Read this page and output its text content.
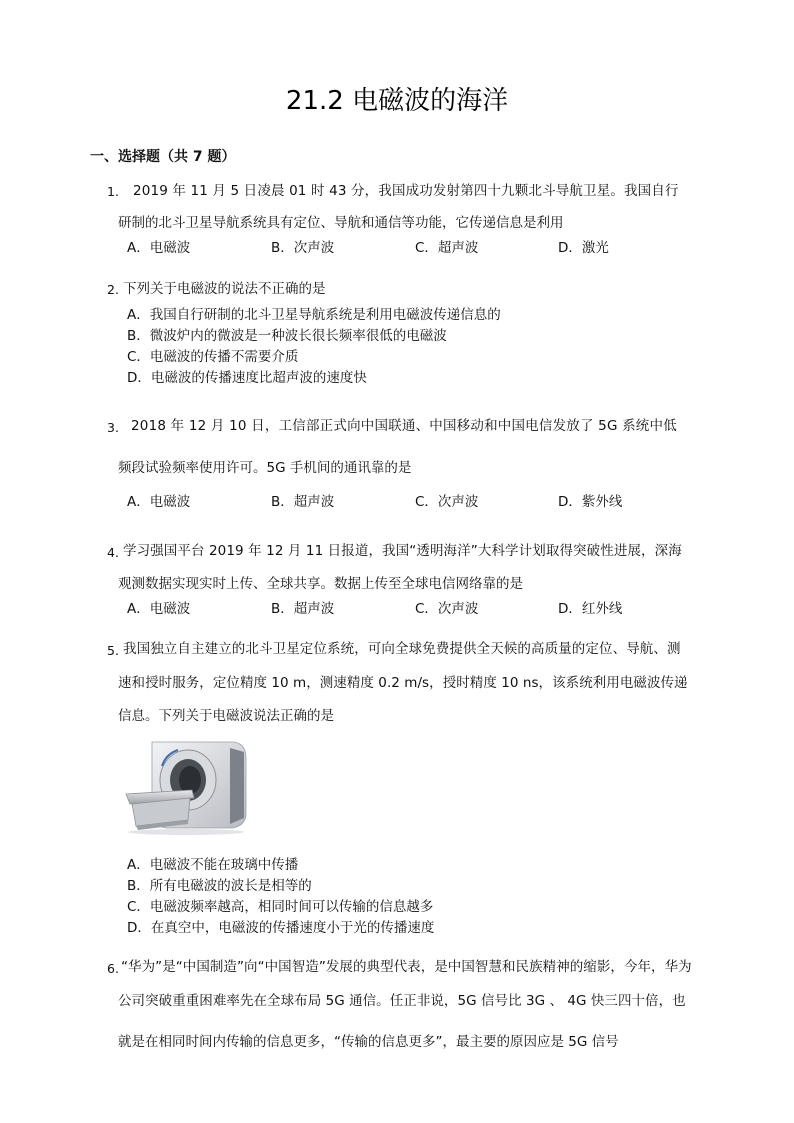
21.2 电磁波的海洋
一、选择题（共 7 题）
1. 2019 年 11 月 5 日凌晨 01 时 43 分，我国成功发射第四十九颗北斗导航卫星。我国自行
研制的北斗卫星导航系统具有定位、导航和通信等功能，它传递信息是利用
A．电磁波	B．次声波	C．超声波	D．激光
2. 下列关于电磁波的说法不正确的是
A．我国自行研制的北斗卫星导航系统是利用电磁波传递信息的
B．微波炉内的微波是一种波长很长频率很低的电磁波
C．电磁波的传播不需要介质
D．电磁波的传播速度比超声波的速度快
3. 2018 年 12 月 10 日，工信部正式向中国联通、中国移动和中国电信发放了 5G 系统中低
频段试验频率使用许可。5G 手机间的通讯靠的是
A．电磁波	B．超声波	C．次声波	D．紫外线
4. 学习强国平台 2019 年 12 月 11 日报道，我国“透明海洋”大科学计划取得突破性进展，深海
观测数据实现实时上传、全球共享。数据上传至全球电信网络靠的是
A．电磁波	B．超声波	C．次声波	D．红外线
5. 我国独立自主建立的北斗卫星定位系统，可向全球免费提供全天候的高质量的定位、导航、测
速和授时服务，定位精度 10 m，测速精度 0.2 m/s，授时精度 10 ns，该系统利用电磁波传递
信息。下列关于电磁波说法正确的是
A．电磁波不能在玻璃中传播
B．所有电磁波的波长是相等的
C．电磁波频率越高，相同时间可以传输的信息越多
D．在真空中，电磁波的传播速度小于光的传播速度
6. “华为”是“中国制造”向“中国智造”发展的典型代表，是中国智慧和民族精神的缩影，今年，华为
公司突破重重困难率先在全球布局 5G 通信。任正非说，5G 信号比 3G 、 4G 快三四十倍，也
就是在相同时间内传输的信息更多，“传输的信息更多”，最主要的原因应是 5G 信号
